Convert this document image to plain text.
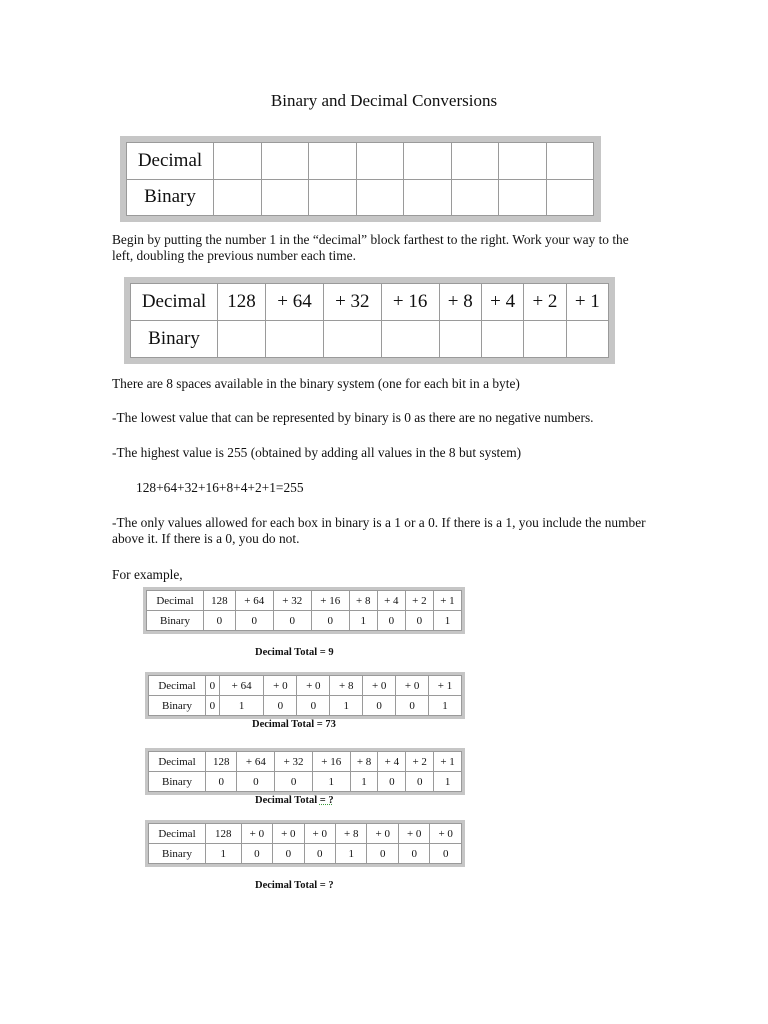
Binary and Decimal Conversions
Decimal								
Binary								

Begin by putting the number 1 in the “decimal” block farthest to the right. Work your way to the left, doubling the previous number each time.

Decimal	128	+ 64	+ 32	+ 16	+ 8	+ 4	+ 2	+ 1
Binary								

There are 8 spaces available in the binary system (one for each bit in a byte)

-The lowest value that can be represented by binary is 0 as there are no negative numbers.

-The highest value is 255 (obtained by adding all values in the 8 but system)

128+64+32+16+8+4+2+1=255

-The only values allowed for each box in binary is a 1 or a 0. If there is a 1, you include the number above it. If there is a 0, you do not.

For example,

Decimal	128	+ 64	+ 32	+ 16	+ 8	+ 4	+ 2	+ 1
Binary	0	0	0	0	1	0	0	1
Decimal Total = 9
Decimal	0	+ 64	+ 0	+ 0	+ 8	+ 0	+ 0	+ 1
Binary	0	1	0	0	1	0	0	1
Decimal Total = 73
Decimal	128	+ 64	+ 32	+ 16	+ 8	+ 4	+ 2	+ 1
Binary	0	0	0	1	1	0	0	1
Decimal Total = ?
Decimal	128	+ 0	+ 0	+ 0	+ 8	+ 0	+ 0	+ 0
Binary	1	0	0	0	1	0	0	0
Decimal Total = ?
